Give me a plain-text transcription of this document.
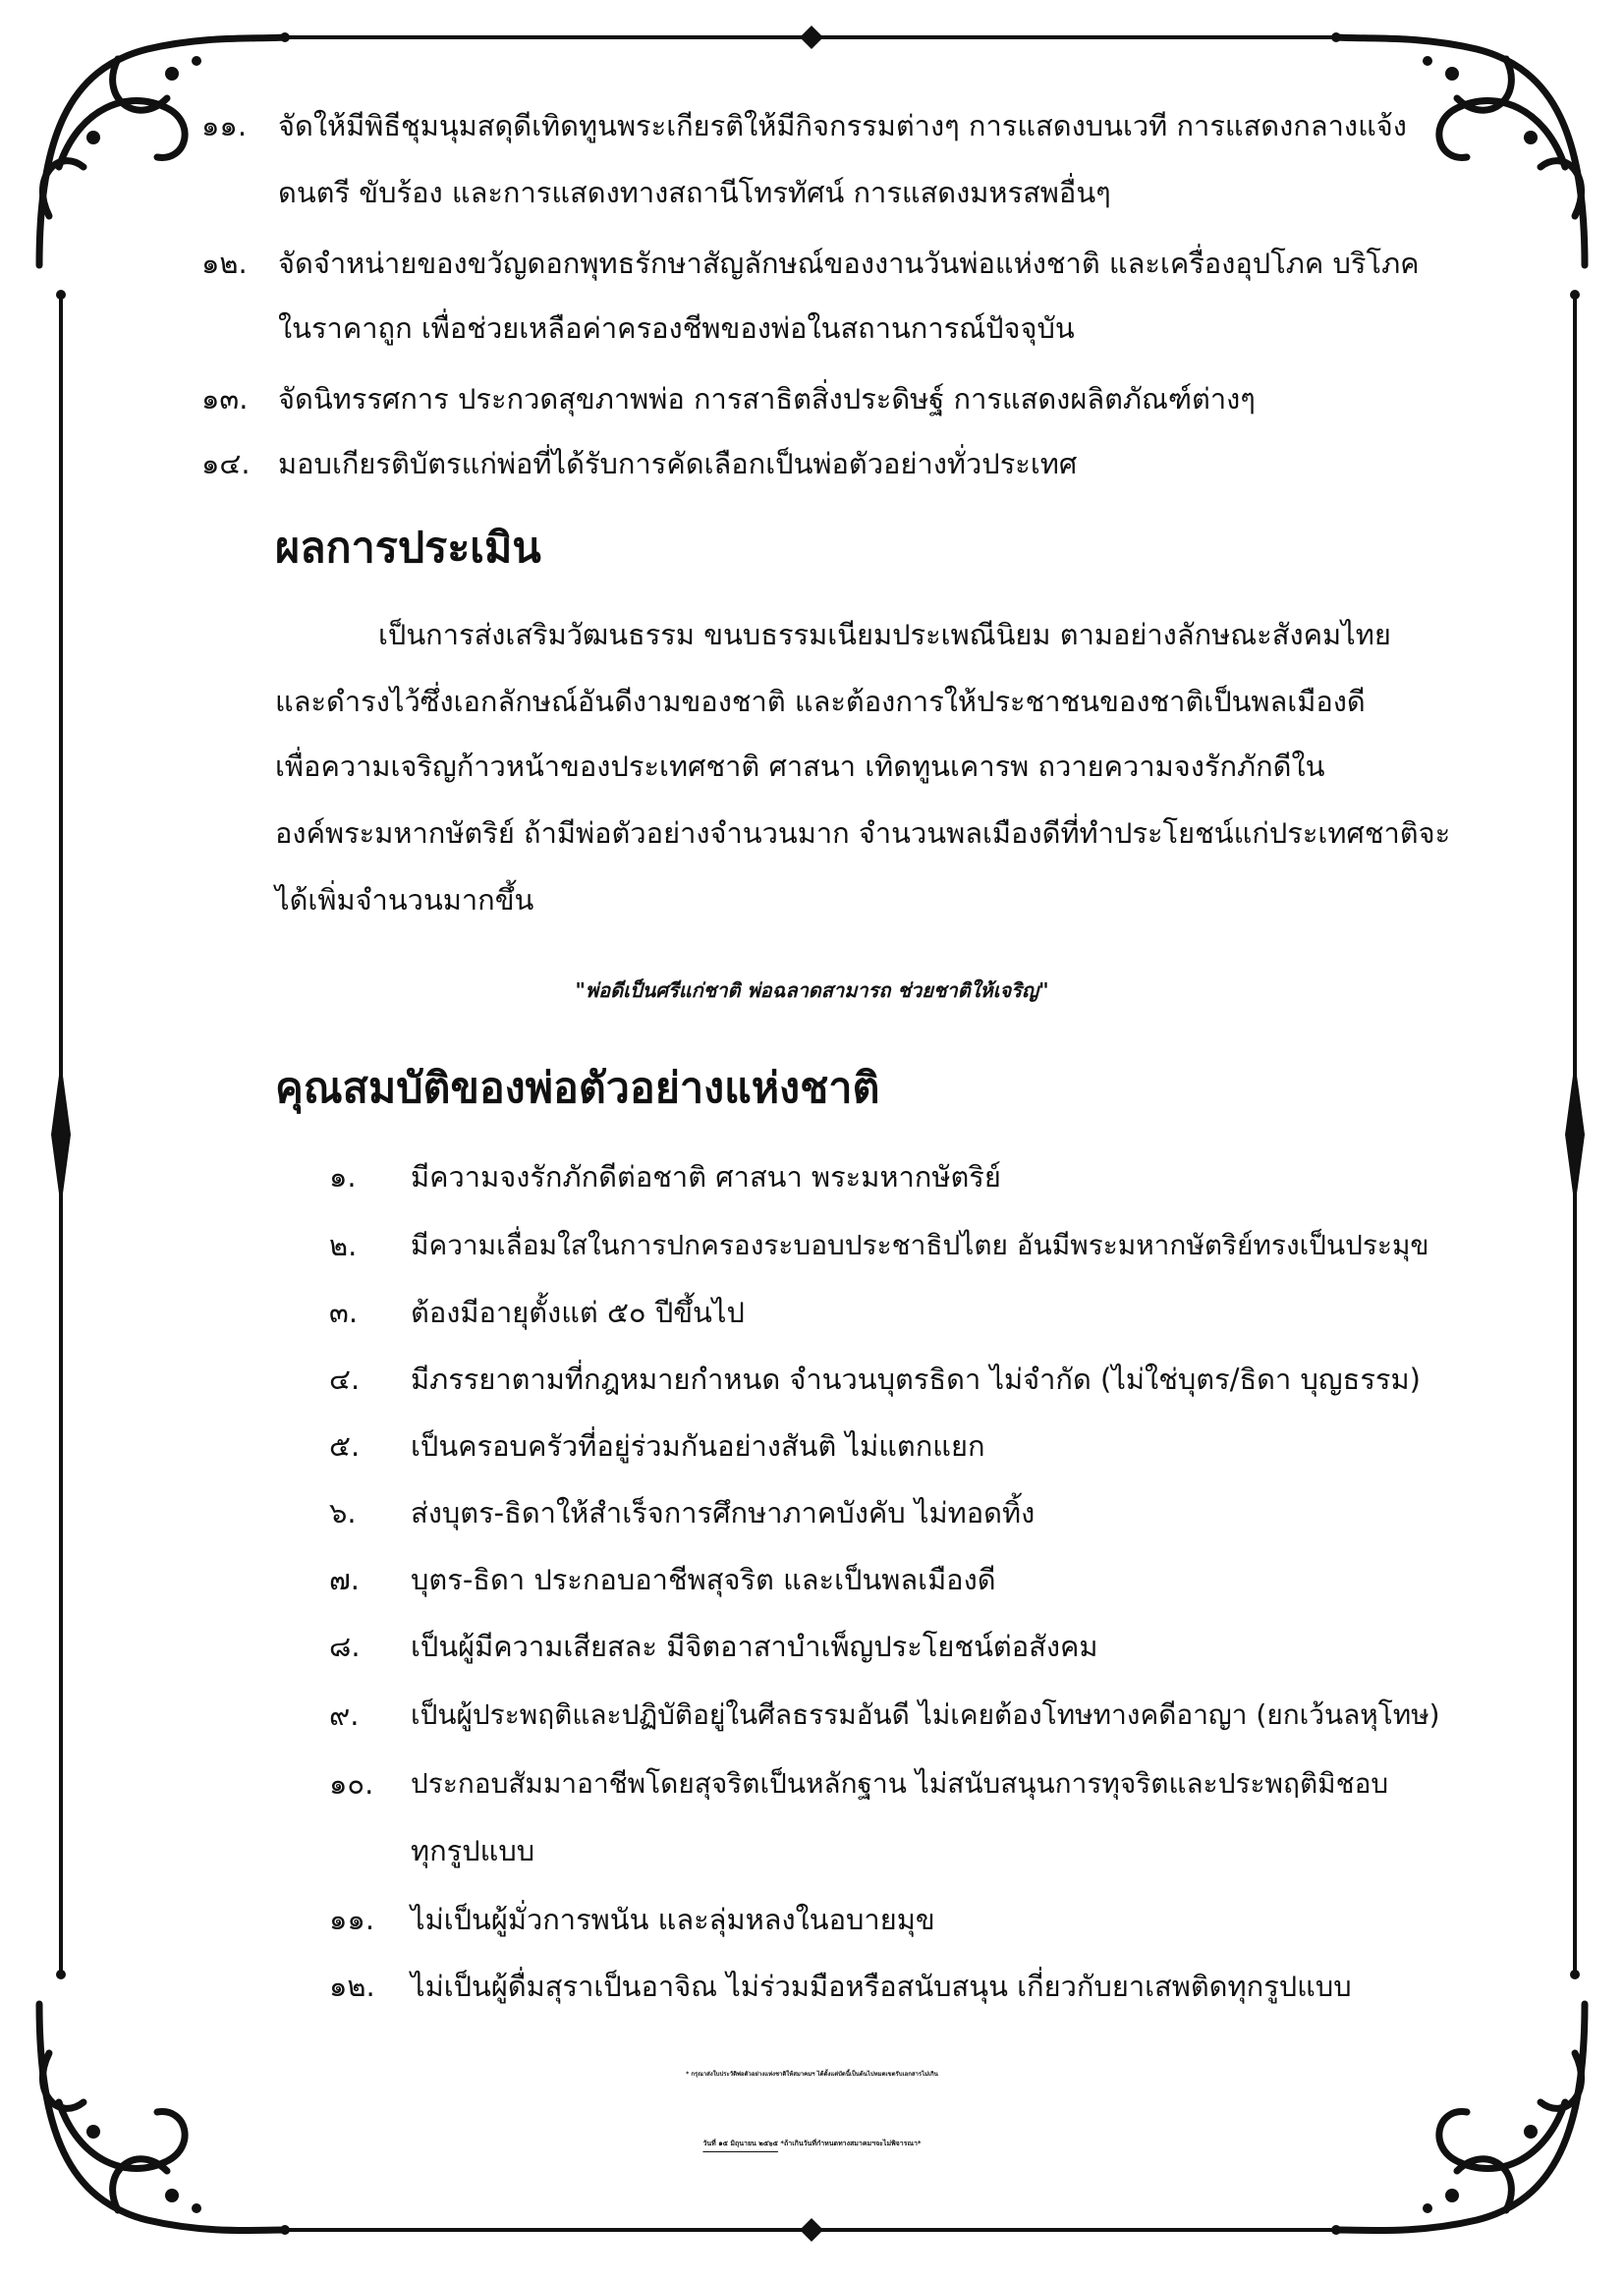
๑๑. จัดให้มีพิธีชุมนุมสดุดีเทิดทูนพระเกียรติให้มีกิจกรรมต่างๆ การแสดงบนเวที การแสดงกลางแจ้ง
ดนตรี ขับร้อง และการแสดงทางสถานีโทรทัศน์ การแสดงมหรสพอื่นๆ
๑๒. จัดจำหน่ายของขวัญดอกพุทธรักษาสัญลักษณ์ของงานวันพ่อแห่งชาติ และเครื่องอุปโภค บริโภค
ในราคาถูก เพื่อช่วยเหลือค่าครองชีพของพ่อในสถานการณ์ปัจจุบัน
๑๓. จัดนิทรรศการ ประกวดสุขภาพพ่อ การสาธิตสิ่งประดิษฐ์ การแสดงผลิตภัณฑ์ต่างๆ
๑๔. มอบเกียรติบัตรแก่พ่อที่ได้รับการคัดเลือกเป็นพ่อตัวอย่างทั่วประเทศ
ผลการประเมิน
เป็นการส่งเสริมวัฒนธรรม ขนบธรรมเนียมประเพณีนิยม ตามอย่างลักษณะสังคมไทย
และดำรงไว้ซึ่งเอกลักษณ์อันดีงามของชาติ และต้องการให้ประชาชนของชาติเป็นพลเมืองดี
เพื่อความเจริญก้าวหน้าของประเทศชาติ ศาสนา เทิดทูนเคารพ ถวายความจงรักภักดีใน
องค์พระมหากษัตริย์ ถ้ามีพ่อตัวอย่างจำนวนมาก จำนวนพลเมืองดีที่ทำประโยชน์แก่ประเทศชาติจะ
ได้เพิ่มจำนวนมากขึ้น
"พ่อดีเป็นศรีแก่ชาติ พ่อฉลาดสามารถ ช่วยชาติให้เจริญ"
คุณสมบัติของพ่อตัวอย่างแห่งชาติ
๑. มีความจงรักภักดีต่อชาติ ศาสนา พระมหากษัตริย์
๒. มีความเลื่อมใสในการปกครองระบอบประชาธิปไตย อันมีพระมหากษัตริย์ทรงเป็นประมุข
๓. ต้องมีอายุตั้งแต่ ๕๐ ปีขึ้นไป
๔. มีภรรยาตามที่กฎหมายกำหนด จำนวนบุตรธิดา ไม่จำกัด (ไม่ใช่บุตร/ธิดา บุญธรรม)
๕. เป็นครอบครัวที่อยู่ร่วมกันอย่างสันติ ไม่แตกแยก
๖. ส่งบุตร-ธิดาให้สำเร็จการศึกษาภาคบังคับ ไม่ทอดทิ้ง
๗. บุตร-ธิดา ประกอบอาชีพสุจริต และเป็นพลเมืองดี
๘. เป็นผู้มีความเสียสละ มีจิตอาสาบำเพ็ญประโยชน์ต่อสังคม
๙. เป็นผู้ประพฤติและปฏิบัติอยู่ในศีลธรรมอันดี ไม่เคยต้องโทษทางคดีอาญา (ยกเว้นลหุโทษ)
๑๐. ประกอบสัมมาอาชีพโดยสุจริตเป็นหลักฐาน ไม่สนับสนุนการทุจริตและประพฤติมิชอบ
ทุกรูปแบบ
๑๑. ไม่เป็นผู้มั่วการพนัน และลุ่มหลงในอบายมุข
๑๒. ไม่เป็นผู้ดื่มสุราเป็นอาจิณ ไม่ร่วมมือหรือสนับสนุน เกี่ยวกับยาเสพติดทุกรูปแบบ
* กรุณาส่งใบประวัติพ่อตัวอย่างแห่งชาติให้สมาคมฯ ได้ตั้งแต่บัดนี้เป็นต้นไปหมดเขตรับเอกสารไม่เกิน
วันที่ ๑๕ มิถุนายน ๒๕๖๕ *ถ้าเกินวันที่กำหนดทางสมาคมฯจะไม่พิจารณา*
